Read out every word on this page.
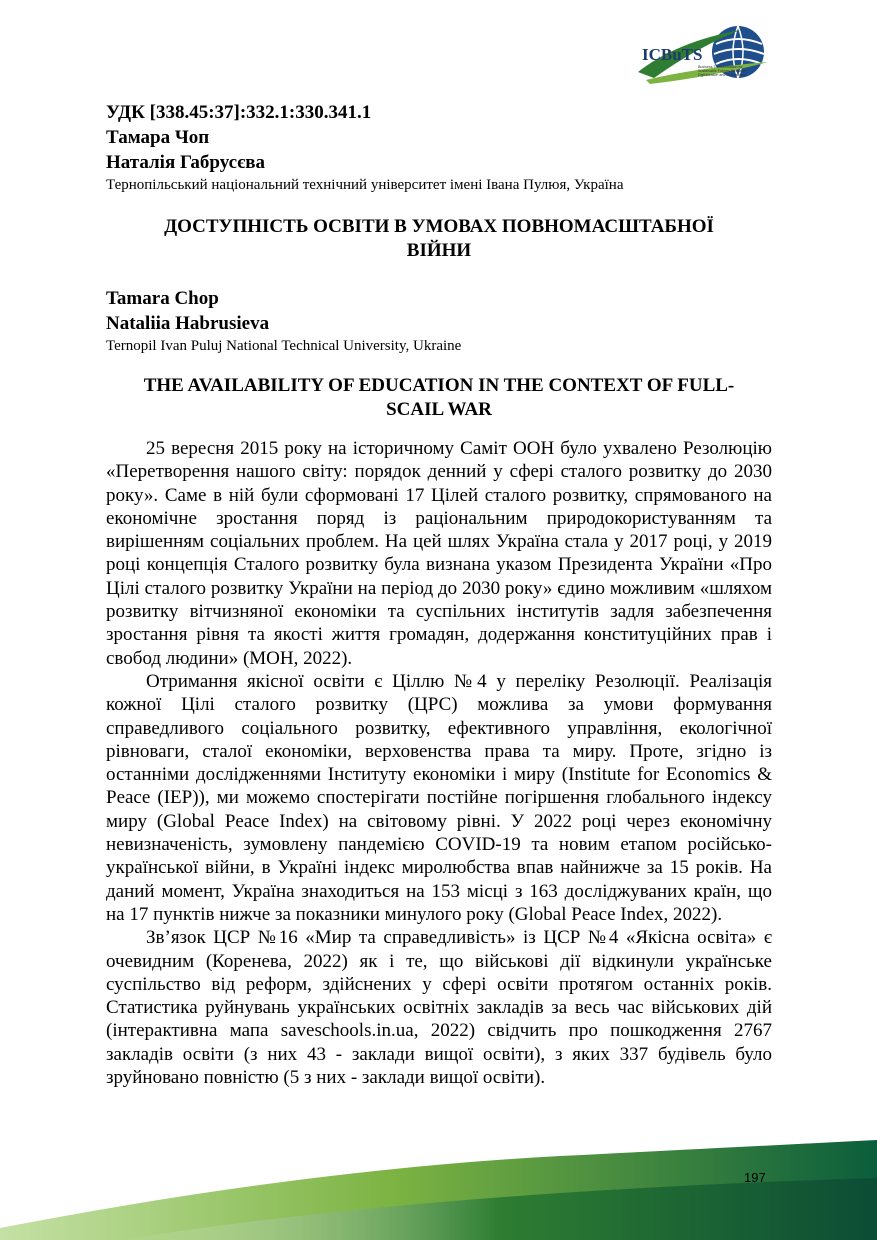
ICBuTS
Business Transformation for Sustainable Futures Research, Digitalization and Innovations
УДК [338.45:37]:332.1:330.341.1
Тамара Чоп
Наталія Габрусєва
Тернопільський національний технічний університет імені Івана Пулюя, Україна
ДОСТУПНІСТЬ ОСВІТИ В УМОВАХ ПОВНОМАСШТАБНОЇ
ВІЙНИ
Tamara Chop
Nataliia Habrusieva
Ternopil Ivan Puluj National Technical University, Ukraine
THE AVAILABILITY OF EDUCATION IN THE CONTEXT OF FULL-
SCAIL WAR

25 вересня 2015 року на історичному Саміт ООН було ухвалено Резолюцію «Перетворення нашого світу: порядок денний у сфері сталого розвитку до 2030 року». Саме в ній були сформовані 17 Цілей сталого розвитку, спрямованого на економічне зростання поряд із раціональним природокористуванням та вирішенням соціальних проблем. На цей шлях Україна стала у 2017 році, у 2019 році концепція Сталого розвитку була визнана указом Президента України «Про Цілі сталого розвитку України на період до 2030 року» єдино можливим «шляхом розвитку вітчизняної економіки та суспільних інститутів задля забезпечення зростання рівня та якості життя громадян, додержання конституційних прав і свобод людини» (МОН, 2022).

Отримання якісної освіти є Ціллю №4 у переліку Резолюції. Реалізація кожної Цілі сталого розвитку (ЦРС) можлива за умови формування справедливого соціального розвитку, ефективного управління, екологічної рівноваги, сталої економіки, верховенства права та миру. Проте, згідно із останніми дослідженнями Інституту економіки і миру (Institute for Economics & Peace (IEP)), ми можемо спостерігати постійне погіршення глобального індексу миру (Global Peace Index) на світовому рівні. У 2022 році через економічну невизначеність, зумовлену пандемією COVID-19 та новим етапом російсько-української війни, в Україні індекс миролюбства впав найнижче за 15 років. На даний момент, Україна знаходиться на 153 місці з 163 досліджуваних країн, що на 17 пунктів нижче за показники минулого року (Global Peace Index, 2022).

Зв’язок ЦСР №16 «Мир та справедливість» із ЦСР №4 «Якісна освіта» є очевидним (Коренева, 2022) як і те, що військові дії відкинули українське суспільство від реформ, здійснених у сфері освіти протягом останніх років. Статистика руйнувань українських освітніх закладів за весь час військових дій (інтерактивна мапа saveschools.in.ua, 2022) свідчить про пошкодження 2767 закладів освіти (з них 43 - заклади вищої освіти), з яких 337 будівель було зруйновано повністю (5 з них - заклади вищої освіти).

197
